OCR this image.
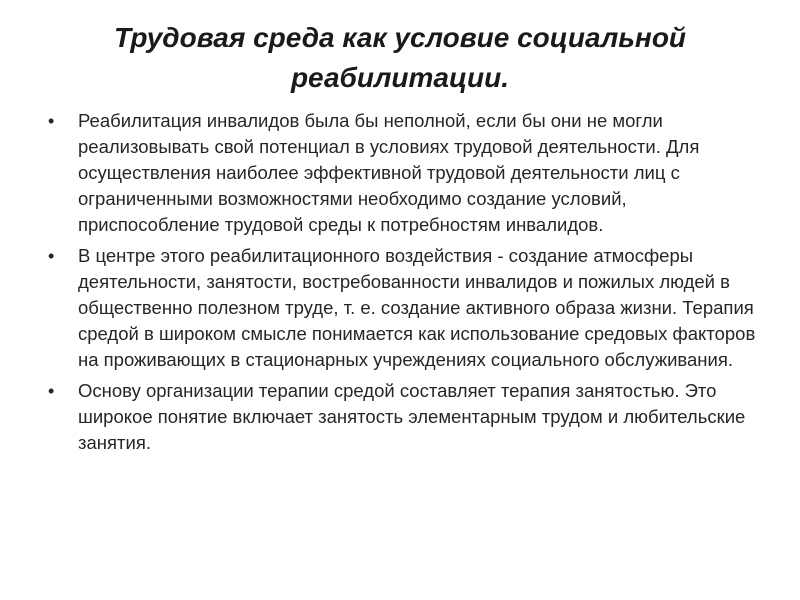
Трудовая среда как условие социальной реабилитации.
• Реабилитация инвалидов была бы неполной, если бы они не могли реализовывать свой потенциал в условиях трудовой деятельности. Для осуществления наиболее эффективной трудовой деятельности лиц с ограниченными возможностями необходимо создание условий, приспособление трудовой среды к потребностям инвалидов.
• В центре этого реабилитационного воздействия - создание атмосферы деятельности, занятости, востребованности инвалидов и пожилых людей в общественно полезном труде, т. е. создание активного образа жизни. Терапия средой в широком смысле понимается как использование средовых факторов на проживающих в стационарных учреждениях социального обслуживания.
• Основу организации терапии средой составляет терапия занятостью. Это широкое понятие включает занятость элементарным трудом и любительские занятия.
